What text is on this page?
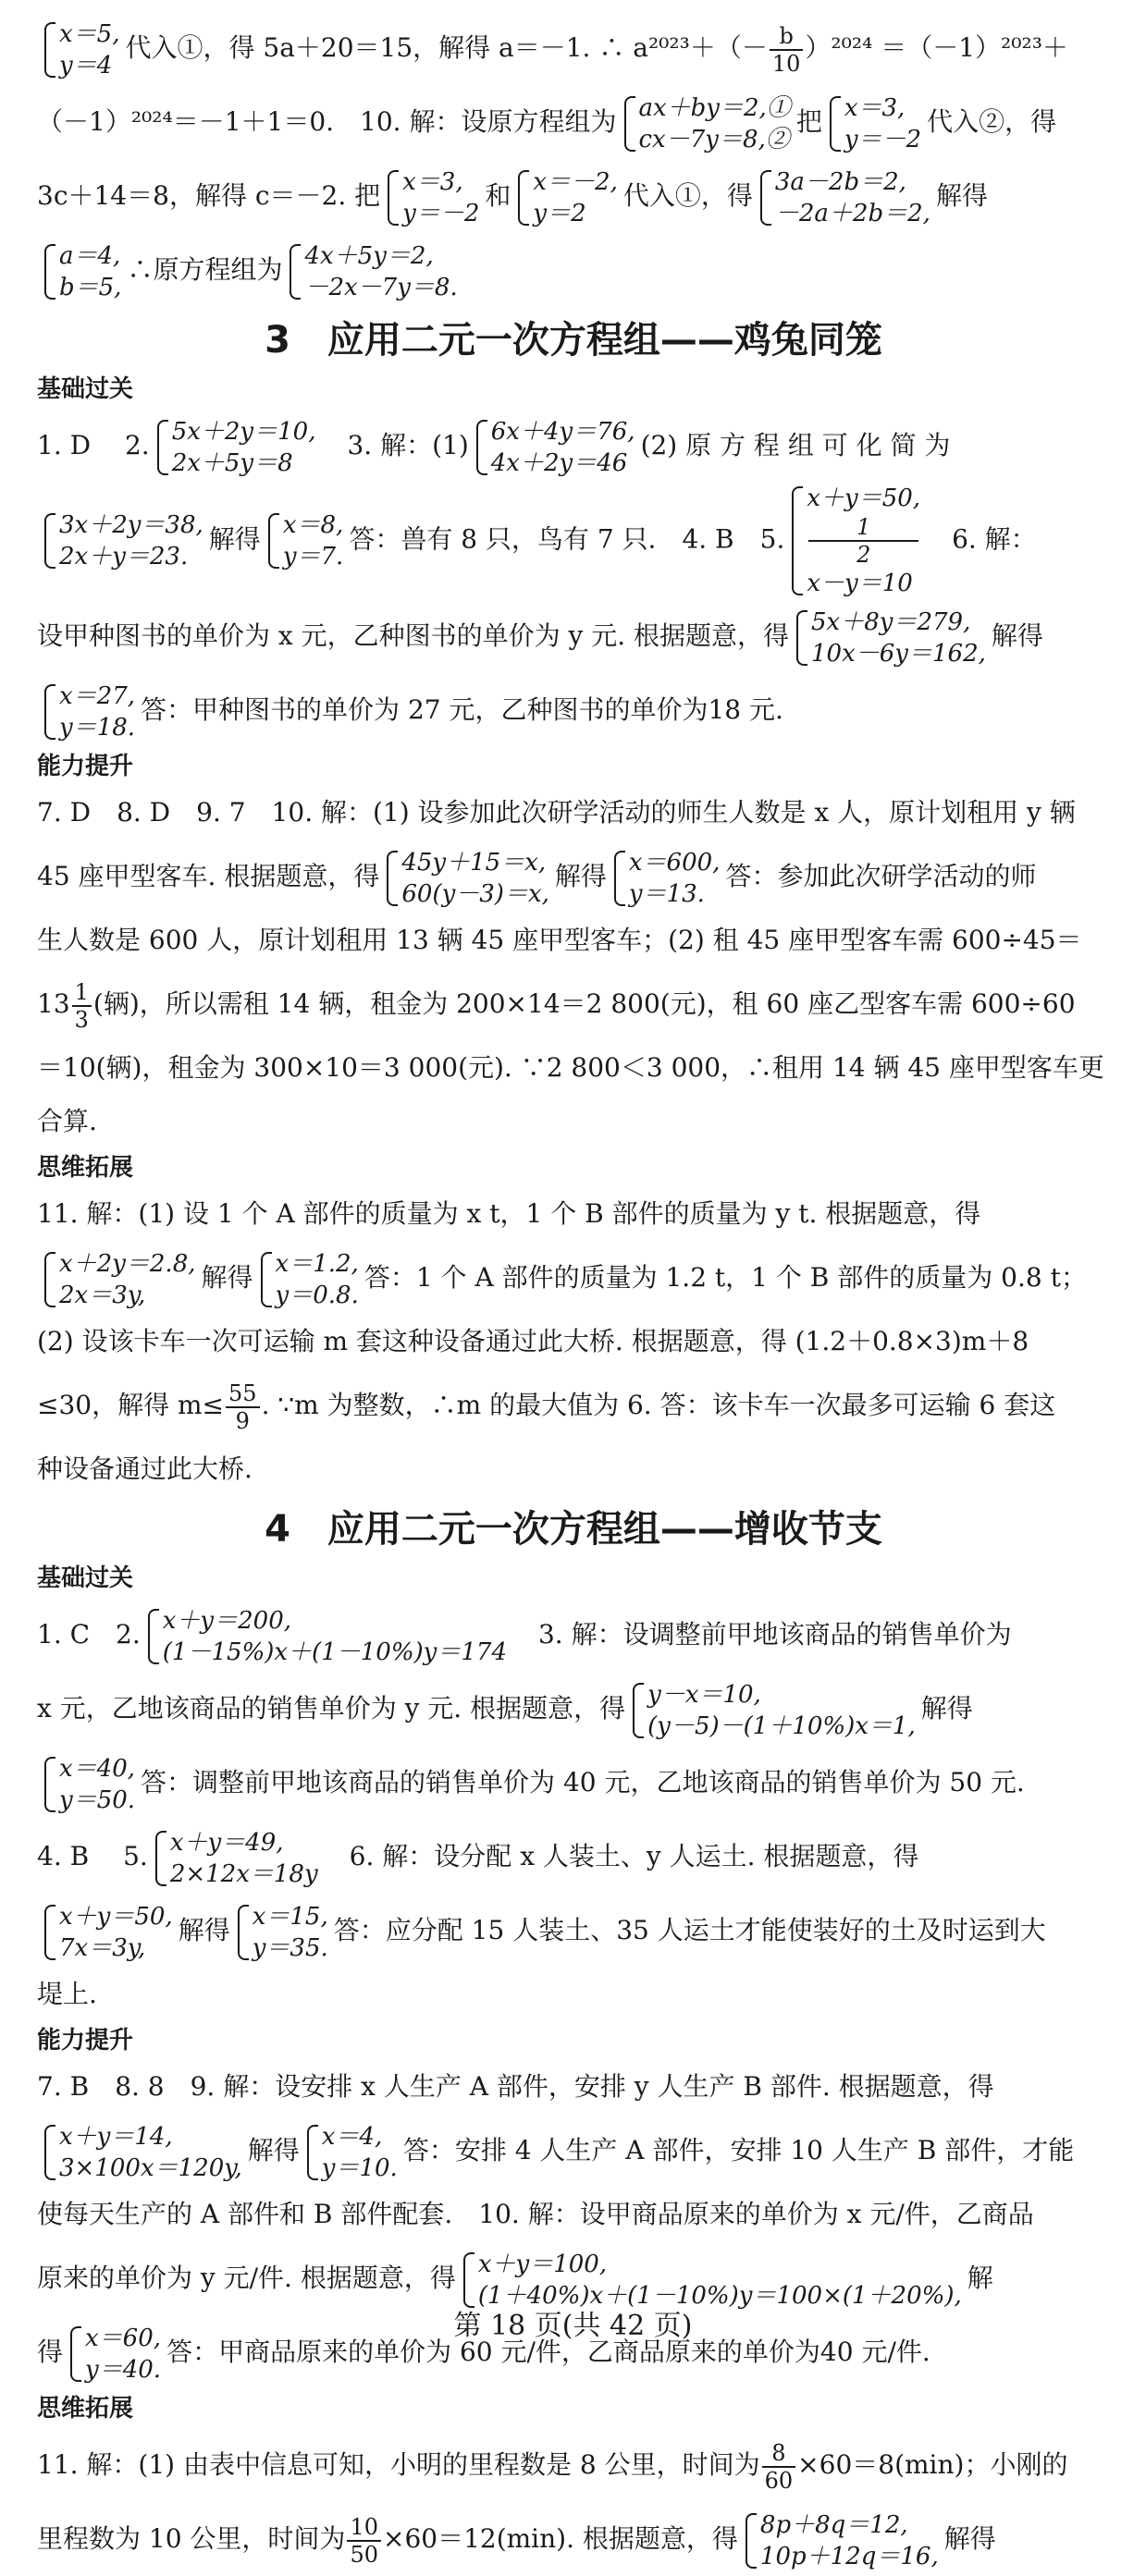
x＝5,
y＝4
代入①，得 5a＋20＝15，解得 a＝－1. ∴ $a^{2023}+(- \frac{b}{10} )^{2024} =(-1)^{2023}+$
（－1）²⁰²⁴＝－1＋1＝0.　10. 解：设原方程组为 ax＋by＝2,①
cx－7y＝8,②
把 x＝3,
y＝－2
代入②，得
3c＋14＝8，解得 c＝－2. 把 x＝3,
y＝－2
和 x＝－2,
y＝2
代入①，得 3a－2b＝2,
－2a＋2b＝2,
解得
a＝4,
b＝5,
∴原方程组为 4x＋5y＝2,
－2x－7y＝8.
3　应用二元一次方程组——鸡兔同笼
基础过关
1. D　 2. 5x＋2y＝10,
2x＋5y＝8
　3. 解：(1) 6x＋4y＝76,
4x＋2y＝46
(2) 原 方 程 组 可 化 简 为
3x＋2y＝38,
2x＋y＝23.
解得 x＝8,
y＝7.
答：兽有 8 只，鸟有 7 只.　4. B　5.
x＋y＝50,
1
2
x－y＝10
　6. 解：
设甲种图书的单价为 x 元，乙种图书的单价为 y 元. 根据题意，得 5x＋8y＝279,
10x－6y＝162,
解得
x＝27,
y＝18.
答：甲种图书的单价为 27 元，乙种图书的单价为18 元.
能力提升
7. D　8. D　9. 7　10. 解：(1) 设参加此次研学活动的师生人数是 x 人，原计划租用 y 辆
45 座甲型客车. 根据题意，得 45y＋15＝x,
60(y－3)＝x,
解得 x＝600,
y＝13.
答：参加此次研学活动的师
生人数是 600 人，原计划租用 13 辆 45 座甲型客车；(2) 租 45 座甲型客车需 600÷45＝
$13 \frac{1}{3}$ (辆)，所以需租 14 辆，租金为 200×14＝2 800(元)，租 60 座乙型客车需 600÷60
＝10(辆)，租金为 300×10＝3 000(元). ∵2 800＜3 000，∴租用 14 辆 45 座甲型客车更
合算.
思维拓展
11. 解：(1) 设 1 个 A 部件的质量为 x t，1 个 B 部件的质量为 y t. 根据题意，得
x＋2y＝2.8,
2x＝3y,
解得 x＝1.2,
y＝0.8.
答：1 个 A 部件的质量为 1.2 t，1 个 B 部件的质量为 0.8 t；
(2) 设该卡车一次可运输 m 套这种设备通过此大桥. 根据题意，得 (1.2＋0.8×3)m＋8
≤30，解得 $m\le \frac{55}{9}$ . ∵m 为整数，∴m 的最大值为 6. 答：该卡车一次最多可运输 6 套这
种设备通过此大桥.
4　应用二元一次方程组——增收节支
基础过关
1. C　2. x＋y＝200,
(1－15%)x＋(1－10%)y＝174
　3. 解：设调整前甲地该商品的销售单价为
x 元，乙地该商品的销售单价为 y 元. 根据题意，得 y－x＝10,
(y－5)－(1＋10%)x＝1,
解得
x＝40,
y＝50.
答：调整前甲地该商品的销售单价为 40 元，乙地该商品的销售单价为 50 元.
4. B　 5. x＋y＝49,
2×12x＝18y
　6. 解：设分配 x 人装土、y 人运土. 根据题意，得
x＋y＝50,
7x＝3y,
解得 x＝15,
y＝35.
答：应分配 15 人装土、35 人运土才能使装好的土及时运到大
堤上.
能力提升
7. B　8. 8　9. 解：设安排 x 人生产 A 部件，安排 y 人生产 B 部件. 根据题意，得
x＋y＝14,
3×100x＝120y,
解得 x＝4,
y＝10.
答：安排 4 人生产 A 部件，安排 10 人生产 B 部件，才能
使每天生产的 A 部件和 B 部件配套.　10. 解：设甲商品原来的单价为 x 元/件，乙商品
原来的单价为 y 元/件. 根据题意，得 x＋y＝100,
(1＋40%)x＋(1－10%)y＝100×(1＋20%),
解
得 x＝60,
y＝40.
答：甲商品原来的单价为 60 元/件，乙商品原来的单价为40 元/件.
思维拓展
11. 解：(1) 由表中信息可知，小明的里程数是 8 公里，时间为 $\frac{8}{60} \times 60=8(\min)$；小刚的
里程数为 10 公里，时间为 $\frac{10}{50} \times 60=12(\min)$. 根据题意，得 8p＋8q＝12,
10p＋12q＝16,
解得
第 18 页(共 42 页)
